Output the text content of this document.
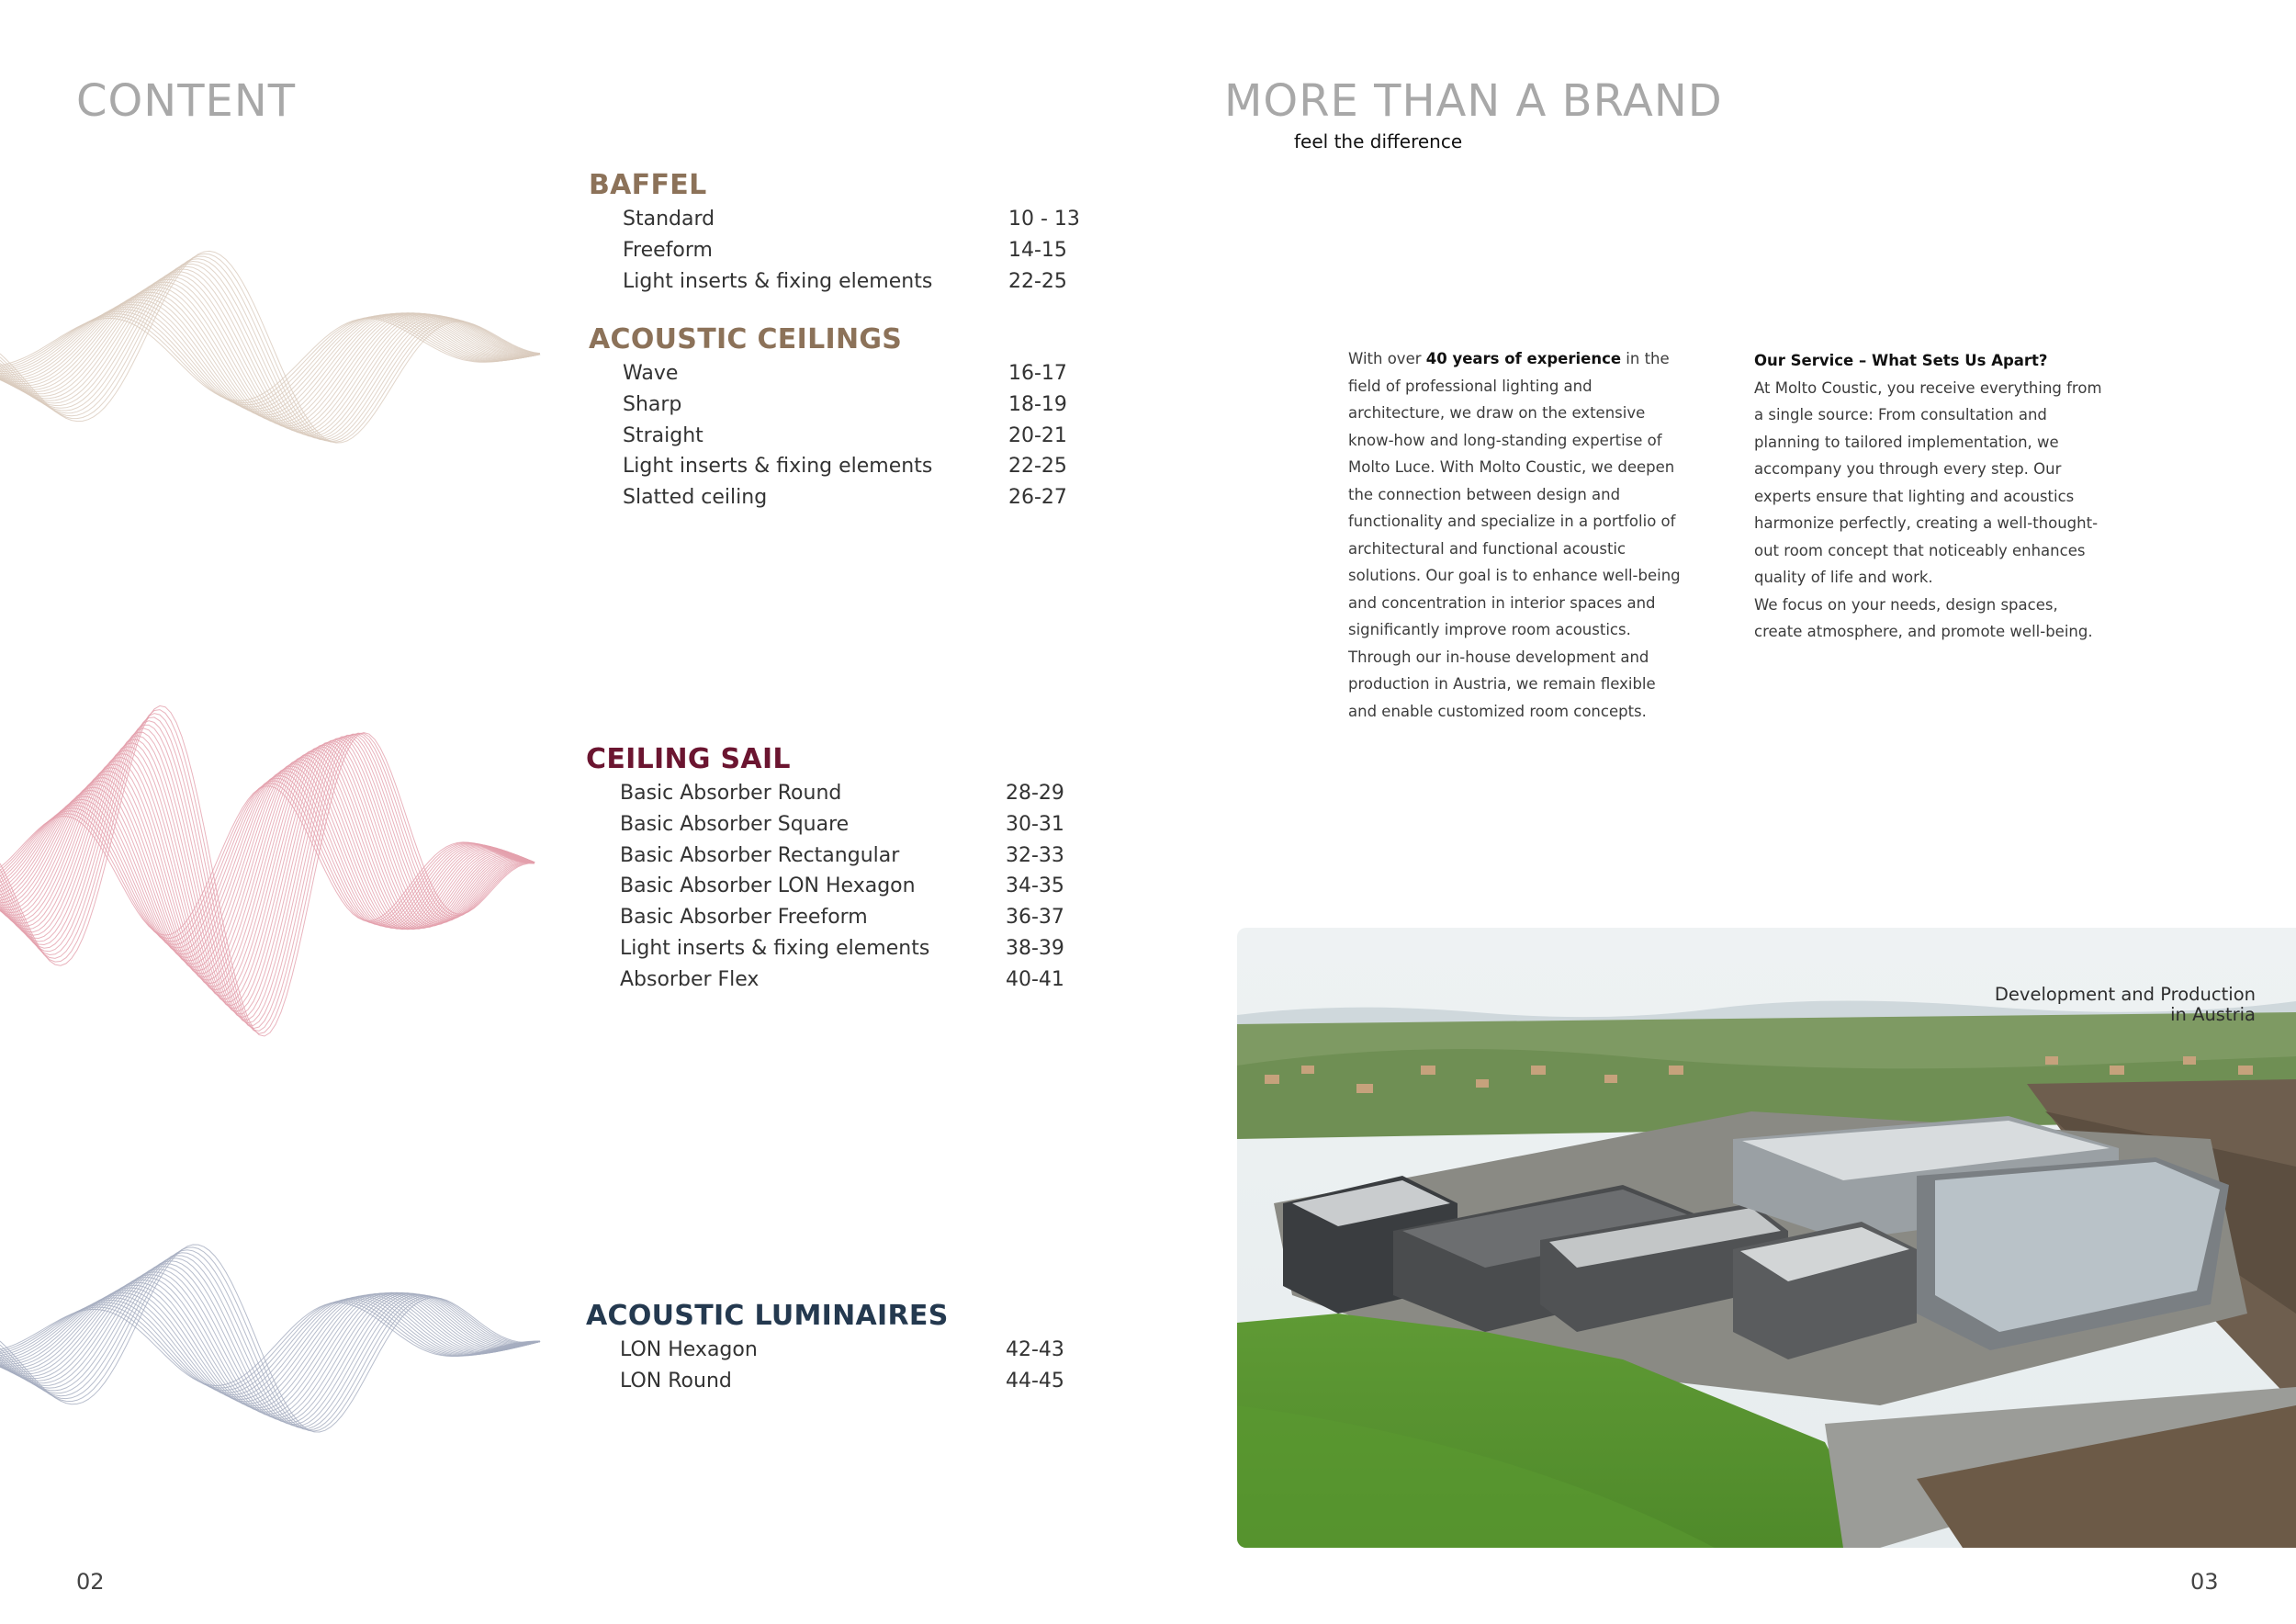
CONTENT
BAFFEL
Standard	10 - 13
Freeform	14-15
Light inserts & fixing elements	22-25
ACOUSTIC CEILINGS
Wave	16-17
Sharp	18-19
Straight	20-21
Light inserts & fixing elements	22-25
Slatted ceiling	26-27
CEILING SAIL
Basic Absorber Round	28-29
Basic Absorber Square	30-31
Basic Absorber Rectangular	32-33
Basic Absorber LON Hexagon	34-35
Basic Absorber Freeform	36-37
Light inserts & fixing elements	38-39
Absorber Flex	40-41
ACOUSTIC LUMINAIRES
LON Hexagon	42-43
LON Round	44-45
02
MORE THAN A BRAND
feel the difference

With over 40 years of experience in the field of professional lighting and architecture, we draw on the extensive know-how and long-standing expertise of Molto Luce. With Molto Coustic, we deepen the connection between design and functionality and specialize in a portfolio of architectural and functional acoustic solutions. Our goal is to enhance well-being and concentration in interior spaces and significantly improve room acoustics. Through our in-house development and production in Austria, we remain flexible and enable customized room concepts.

Our Service – What Sets Us Apart?

At Molto Coustic, you receive everything from a single source: From consultation and planning to tailored implementation, we accompany you through every step. Our experts ensure that lighting and acoustics harmonize perfectly, creating a well-thought-out room concept that noticeably enhances quality of life and work.

We focus on your needs, design spaces, create atmosphere, and promote well-being.

Development and Production
in Austria
03
